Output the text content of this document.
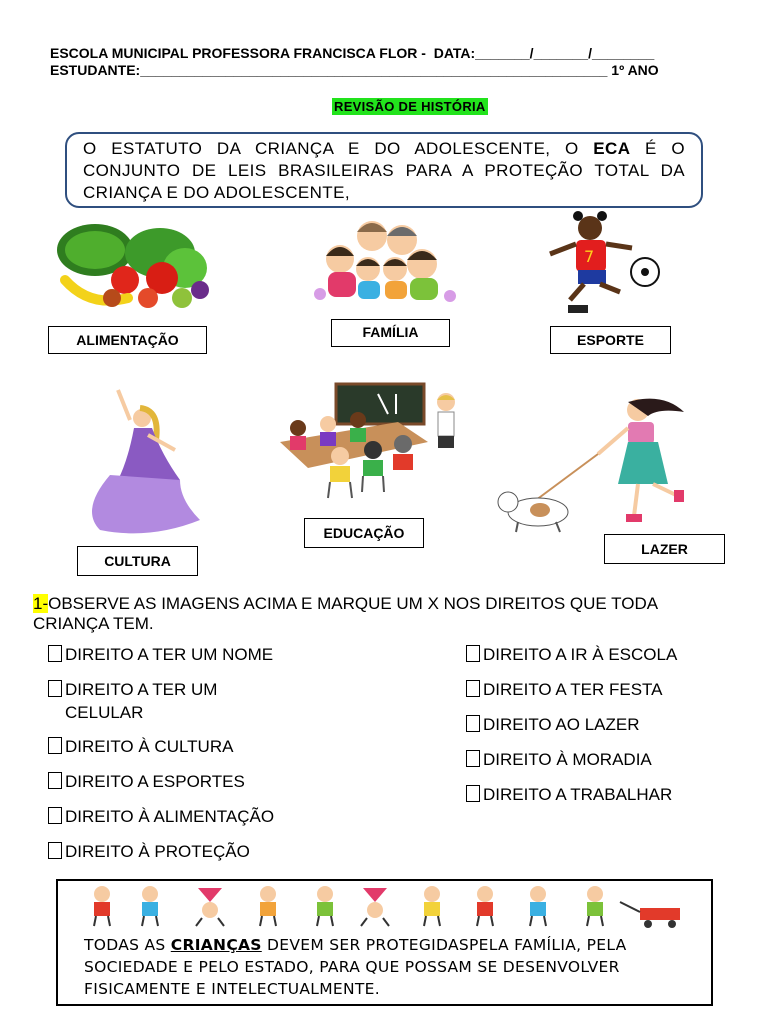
ESCOLA MUNICIPAL PROFESSORA FRANCISCA FLOR -  DATA:_______/_______/________
ESTUDANTE:____________________________________________________________ 1º ANO
REVISÃO DE HISTÓRIA
O ESTATUTO DA CRIANÇA E DO ADOLESCENTE, O ECA É O CONJUNTO DE LEIS BRASILEIRAS PARA A PROTEÇÃO TOTAL DA CRIANÇA E DO ADOLESCENTE,
7
ALIMENTAÇÃO	FAMÍLIA	ESPORTE
CULTURA
EDUCAÇÃO
LAZER
1-OBSERVE AS IMAGENS ACIMA E MARQUE UM X NOS DIREITOS QUE TODA CRIANÇA TEM.
DIREITO A TER UM NOME
DIREITO A TER UM CELULAR
DIREITO À CULTURA
DIREITO A ESPORTES
DIREITO À ALIMENTAÇÃO
DIREITO À PROTEÇÃO
DIREITO A IR À ESCOLA
DIREITO A TER FESTA
DIREITO AO LAZER
DIREITO À MORADIA
DIREITO A TRABALHAR
TODAS AS CRIANÇAS DEVEM SER PROTEGIDASPELA FAMÍLIA, PELA SOCIEDADE E PELO ESTADO, PARA QUE POSSAM SE DESENVOLVER FISICAMENTE E INTELECTUALMENTE.
